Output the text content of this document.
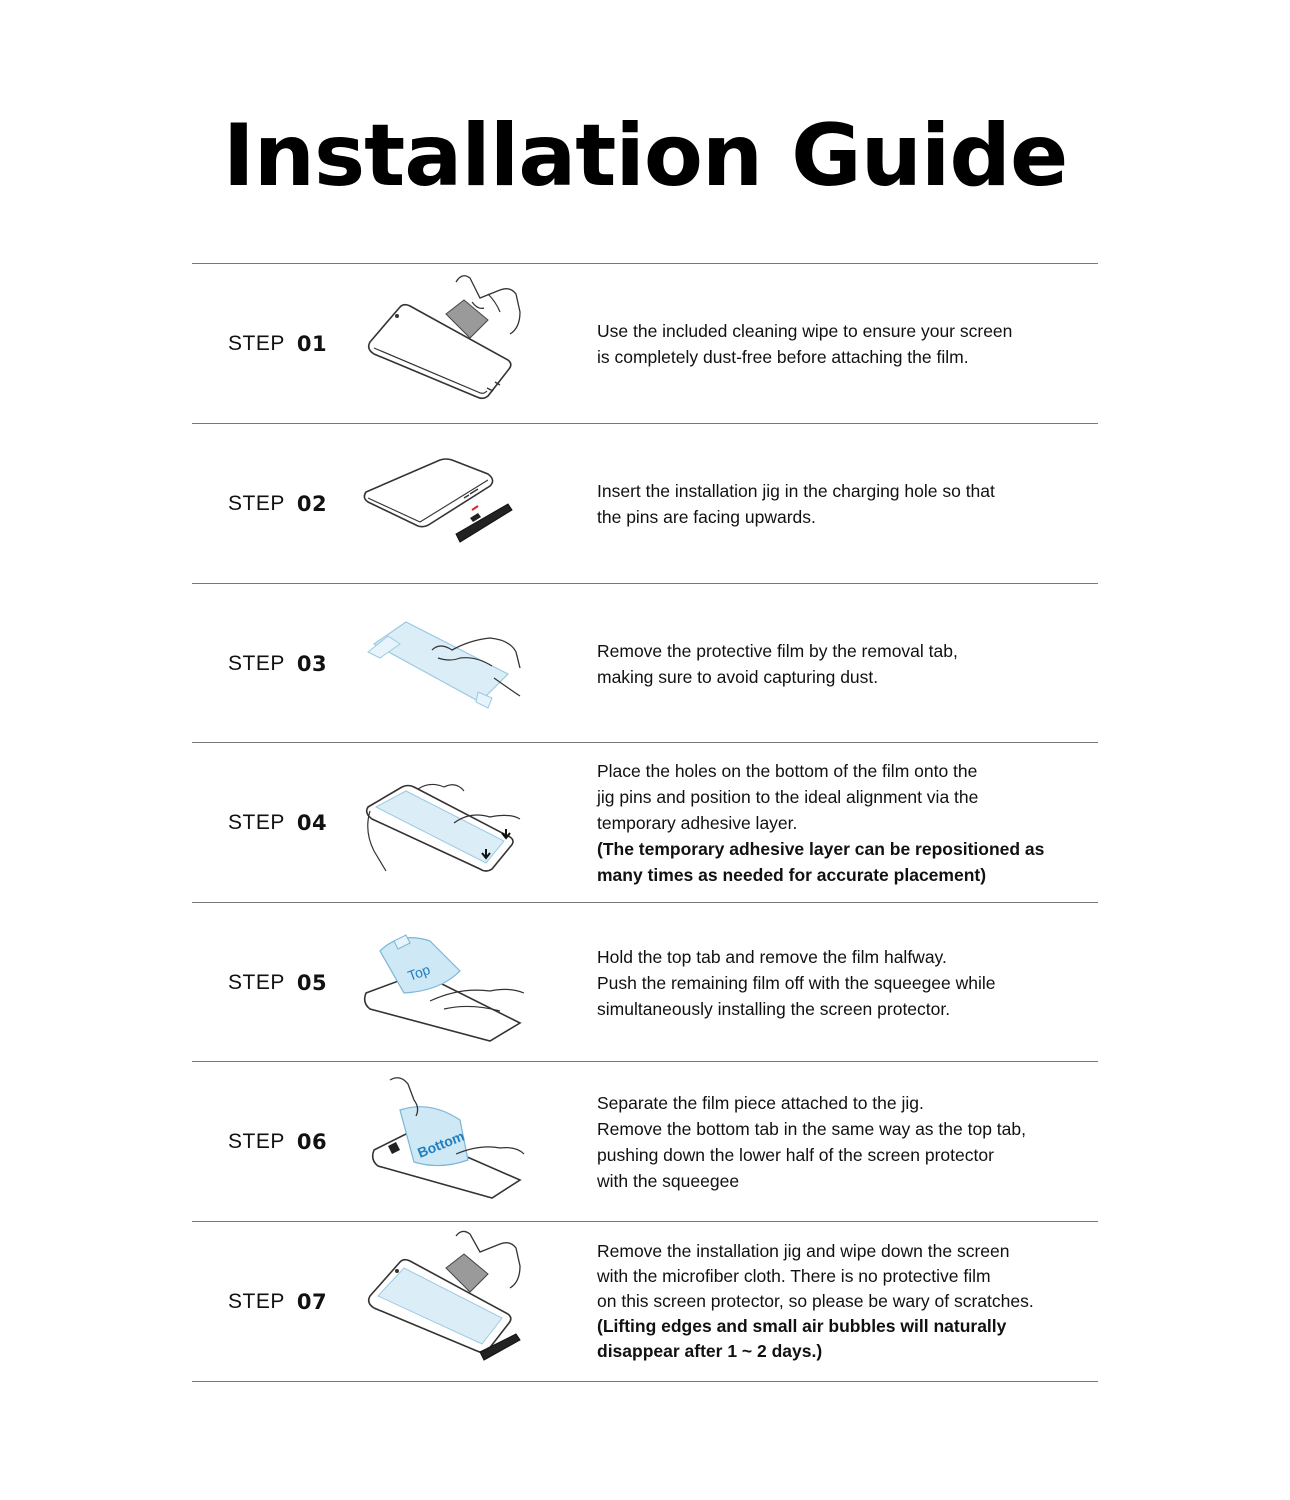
Installation Guide
STEP 01
Use the included cleaning wipe to ensure your screen
is completely dust-free before attaching the film.
STEP 02
Insert the installation jig in the charging hole so that
the pins are facing upwards.
STEP 03
Remove the protective film by the removal tab,
making sure to avoid capturing dust.
STEP 04
Place the holes on the bottom of the film onto the
jig pins and position to the ideal alignment via the
temporary adhesive layer.
(The temporary adhesive layer can be repositioned as
many times as needed for accurate placement)
STEP 05	Top
Hold the top tab and remove the film halfway.
Push the remaining film off with the squeegee while
simultaneously installing the screen protector.
STEP 06	Bottom
Separate the film piece attached to the jig.
Remove the bottom tab in the same way as the top tab,
pushing down the lower half of the screen protector
with the squeegee
STEP 07
Remove the installation jig and wipe down the screen
with the microfiber cloth. There is no protective film
on this screen protector, so please be wary of scratches.
(Lifting edges and small air bubbles will naturally
disappear after 1 ~ 2 days.)
